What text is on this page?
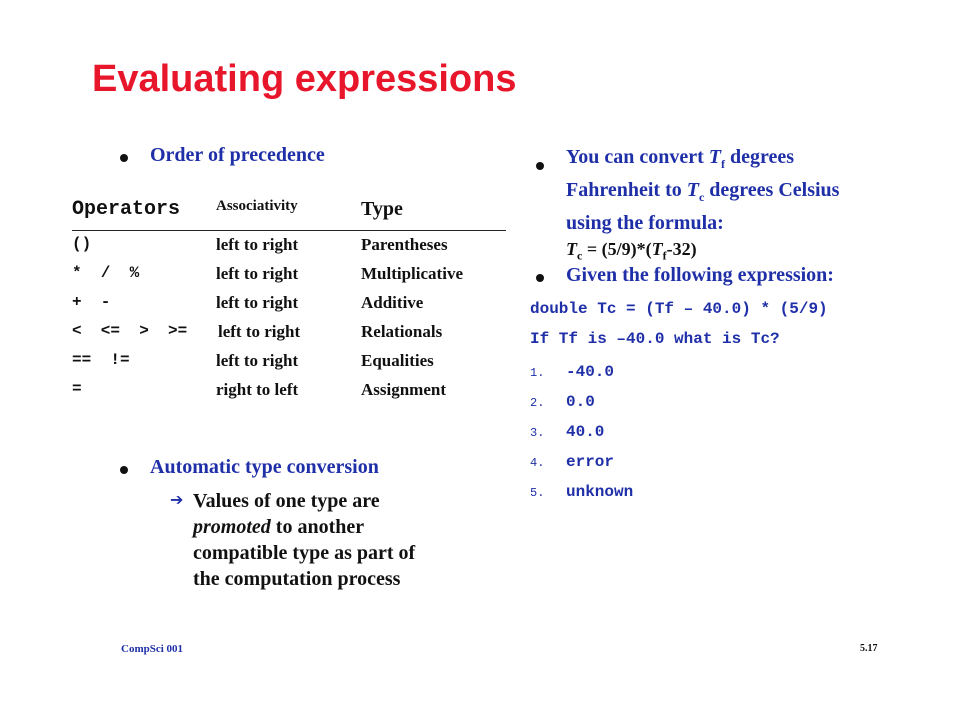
Evaluating expressions
Order of precedence
Operators Associativity	Type
()	left to right	Parentheses
*  /  %	left to right	Multiplicative
+  -	left to right	Additive
<  <=  >  >= left to right	Relationals
==  !=	left to right	Equalities
=	right to left	Assignment
Automatic type conversion
➔ Values of one type are
promoted to another
compatible type as part of
the computation process
You can convert $T_f$ degrees
Fahrenheit to $T_c$ degrees Celsius
using the formula:
$T_c = (5/9)*(T_f-32)$
Given the following expression:
double Tc = (Tf – 40.0) * (5/9)
If Tf is –40.0 what is Tc?
1. -40.0
2. 0.0
3. 40.0
4. error
5. unknown
CompSci 001	5.17
